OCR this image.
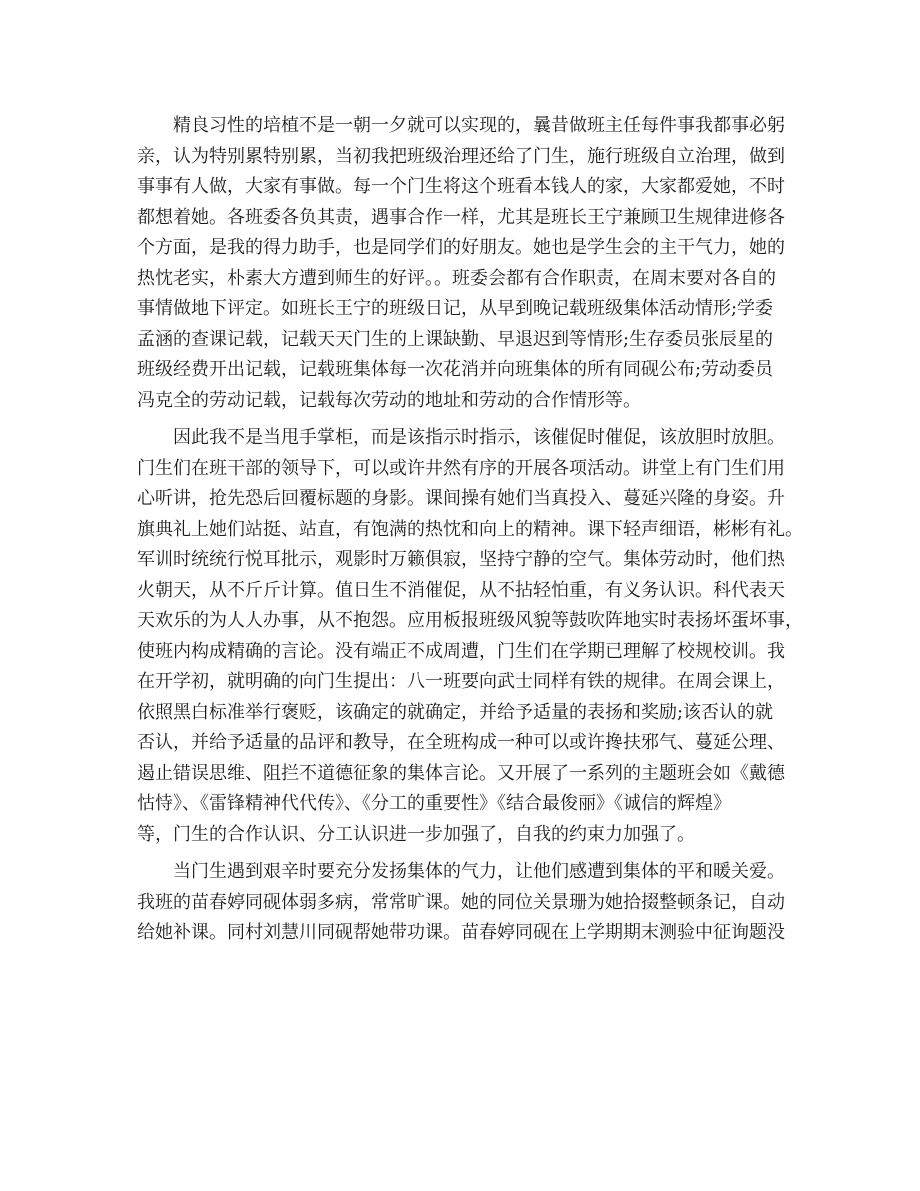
精良习性的培植不是一朝一夕就可以实现的，曩昔做班主任每件事我都事必躬
亲，认为特别累特别累，当初我把班级治理还给了门生，施行班级自立治理，做到
事事有人做，大家有事做。每一个门生将这个班看本钱人的家，大家都爱她，不时
都想着她。各班委各负其责，遇事合作一样，尤其是班长王宁兼顾卫生规律进修各
个方面，是我的得力助手，也是同学们的好朋友。她也是学生会的主干气力，她的
热忱老实，朴素大方遭到师生的好评。。班委会都有合作职责，在周末要对各自的
事情做地下评定。如班长王宁的班级日记，从早到晚记载班级集体活动情形;学委
孟涵的查课记载，记载天天门生的上课缺勤、早退迟到等情形;生存委员张辰星的
班级经费开出记载，记载班集体每一次花消并向班集体的所有同砚公布;劳动委员
冯克全的劳动记载，记载每次劳动的地址和劳动的合作情形等。

因此我不是当甩手掌柜，而是该指示时指示，该催促时催促，该放胆时放胆。
门生们在班干部的领导下，可以或许井然有序的开展各项活动。讲堂上有门生们用
心听讲，抢先恐后回覆标题的身影。课间操有她们当真投入、蔓延兴隆的身姿。升
旗典礼上她们站挺、站直，有饱满的热忱和向上的精神。课下轻声细语，彬彬有礼。
军训时统统行悦耳批示，观影时万籁俱寂，坚持宁静的空气。集体劳动时，他们热
火朝天，从不斤斤计算。值日生不消催促，从不拈轻怕重，有义务认识。科代表天
天欢乐的为人人办事，从不抱怨。应用板报班级风貌等鼓吹阵地实时表扬坏蛋坏事，
使班内构成精确的言论。没有端正不成周遭，门生们在学期已理解了校规校训。我
在开学初，就明确的向门生提出：八一班要向武士同样有铁的规律。在周会课上，
依照黑白标准举行褒贬，该确定的就确定，并给予适量的表扬和奖励;该否认的就
否认，并给予适量的品评和教导，在全班构成一种可以或许搀扶邪气、蔓延公理、
遏止错误思维、阻拦不道德征象的集体言论。又开展了一系列的主题班会如《戴德
怙恃》、《雷锋精神代代传》、《分工的重要性》《结合最俊丽》《诚信的辉煌》
等，门生的合作认识、分工认识进一步加强了，自我的约束力加强了。

当门生遇到艰辛时要充分发扬集体的气力，让他们感遭到集体的平和暖关爱。
我班的苗春婷同砚体弱多病，常常旷课。她的同位关景珊为她拾掇整顿条记，自动
给她补课。同村刘慧川同砚帮她带功课。苗春婷同砚在上学期期末测验中征询题没
